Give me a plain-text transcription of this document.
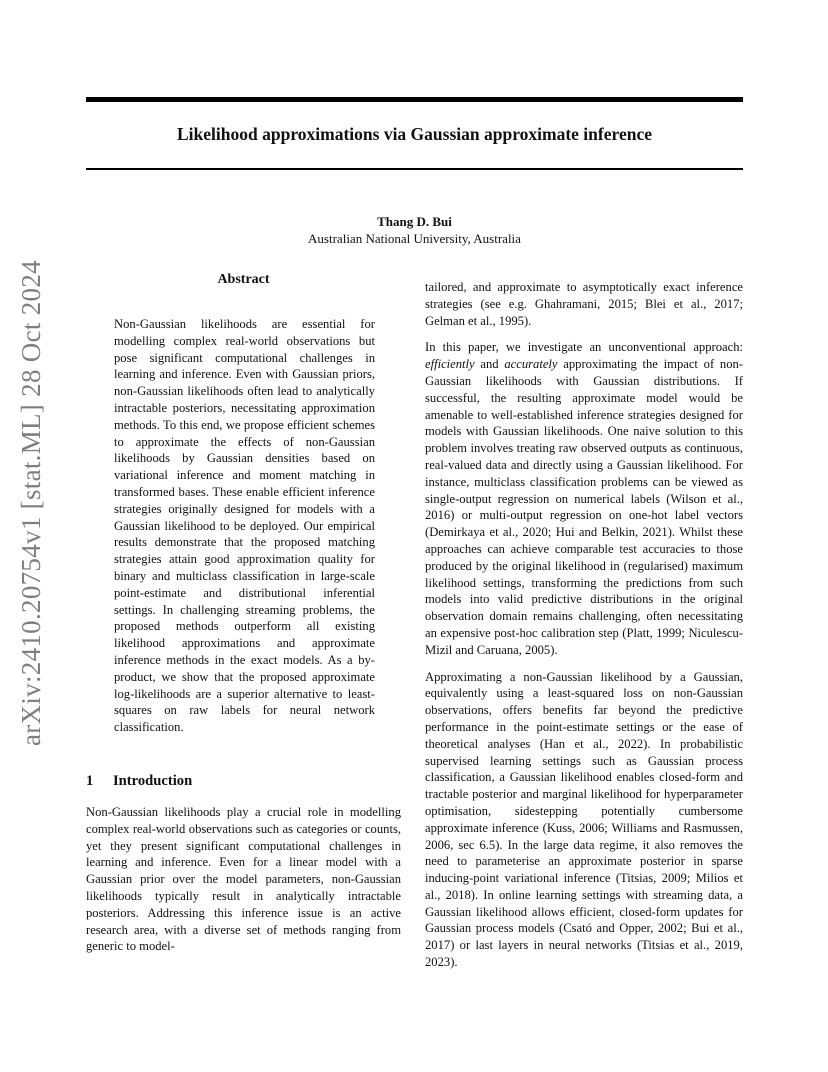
Likelihood approximations via Gaussian approximate inference
Thang D. Bui
Australian National University, Australia
arXiv:2410.20754v1 [stat.ML] 28 Oct 2024	Abstract
Non-Gaussian likelihoods are essential for modelling complex real-world observations but pose significant computational challenges in learning and inference. Even with Gaussian priors, non-Gaussian likelihoods often lead to analytically intractable posteriors, necessitating approximation methods. To this end, we propose efficient schemes to approximate the effects of non-Gaussian likelihoods by Gaussian densities based on variational inference and moment matching in transformed bases. These enable efficient inference strategies originally designed for models with a Gaussian likelihood to be deployed. Our empirical results demonstrate that the proposed matching strategies attain good approximation quality for binary and multiclass classification in large-scale point-estimate and distributional inferential settings. In challenging streaming problems, the proposed methods outperform all existing likelihood approximations and approximate inference methods in the exact models. As a by-product, we show that the proposed approximate log-likelihoods are a superior alternative to least-squares on raw labels for neural network classification.
1 Introduction

Non-Gaussian likelihoods play a crucial role in modelling complex real-world observations such as categories or counts, yet they present significant computational challenges in learning and inference. Even for a linear model with a Gaussian prior over the model parameters, non-Gaussian likelihoods typically result in analytically intractable posteriors. Addressing this inference issue is an active research area, with a diverse set of methods ranging from generic to model-

tailored, and approximate to asymptotically exact inference strategies (see e.g. Ghahramani, 2015; Blei et al., 2017; Gelman et al., 1995).

In this paper, we investigate an unconventional approach: efficiently and accurately approximating the impact of non-Gaussian likelihoods with Gaussian distributions. If successful, the resulting approximate model would be amenable to well-established inference strategies designed for models with Gaussian likelihoods. One naive solution to this problem involves treating raw observed outputs as continuous, real-valued data and directly using a Gaussian likelihood. For instance, multiclass classification problems can be viewed as single-output regression on numerical labels (Wilson et al., 2016) or multi-output regression on one-hot label vectors (Demirkaya et al., 2020; Hui and Belkin, 2021). Whilst these approaches can achieve comparable test accuracies to those produced by the original likelihood in (regularised) maximum likelihood settings, transforming the predictions from such models into valid predictive distributions in the original observation domain remains challenging, often necessitating an expensive post-hoc calibration step (Platt, 1999; Niculescu-Mizil and Caruana, 2005).

Approximating a non-Gaussian likelihood by a Gaussian, equivalently using a least-squared loss on non-Gaussian observations, offers benefits far beyond the predictive performance in the point-estimate settings or the ease of theoretical analyses (Han et al., 2022). In probabilistic supervised learning settings such as Gaussian process classification, a Gaussian likelihood enables closed-form and tractable posterior and marginal likelihood for hyperparameter optimisation, sidestepping potentially cumbersome approximate inference (Kuss, 2006; Williams and Rasmussen, 2006, sec 6.5). In the large data regime, it also removes the need to parameterise an approximate posterior in sparse inducing-point variational inference (Titsias, 2009; Milios et al., 2018). In online learning settings with streaming data, a Gaussian likelihood allows efficient, closed-form updates for Gaussian process models (Csató and Opper, 2002; Bui et al., 2017) or last layers in neural networks (Titsias et al., 2019, 2023).
